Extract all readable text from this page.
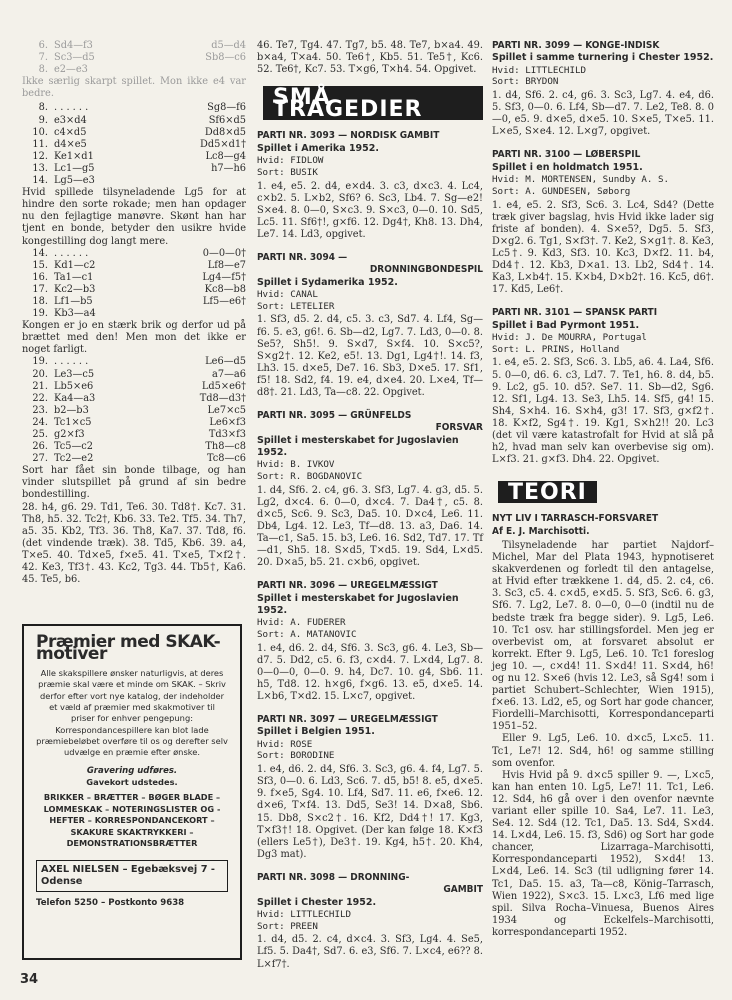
6. Sd4—f3	d5—d4
7. Sc3—d5	Sb8—c6
8. e2—e3

Ikke særlig skarpt spillet. Mon ikke e4 var bedre.

8. . . . . . .	Sg8—f6
9. e3×d4	Sf6×d5
10. c4×d5	Dd8×d5
11. d4×e5	Dd5×d1†
12. Ke1×d1	Lc8—g4
13. Lc1—g5	h7—h6
14. Lg5—e3

Hvid spillede tilsyneladende Lg5 for at hindre den sorte rokade; men han opdager nu den fejlagtige manøvre. Skønt han har tjent en bonde, betyder den usikre hvide kongestilling dog langt mere.

14. . . . . . .	0—0—0†
15. Kd1—c2	Lf8—e7
16. Ta1—c1	Lg4—f5†
17. Kc2—b3	Kc8—b8
18. Lf1—b5	Lf5—e6†
19. Kb3—a4

Kongen er jo en stærk brik og derfor ud på brættet med den! Men mon det ikke er noget farligt.

19. . . . . . .	Le6—d5
20. Le3—c5	a7—a6
21. Lb5×e6	Ld5×e6†
22. Ka4—a3	Td8—d3†
23. b2—b3	Le7×c5
24. Tc1×c5	Le6×f3
25. g2×f3	Td3×f3
26. Tc5—c2	Th8—c8
27. Tc2—e2	Tc8—c6

Sort har fået sin bonde tilbage, og han vinder slutspillet på grund af sin bedre bondestilling.

28. h4, g6. 29. Td1, Te6. 30. Td8†. Kc7. 31. Th8, h5. 32. Tc2†, Kb6. 33. Te2. Tf5. 34. Th7, a5. 35. Kb2, Tf3. 36. Th8, Ka7. 37. Td8, f6. (det vindende træk). 38. Td5, Kb6. 39. a4, T×e5. 40. Td×e5, f×e5. 41. T×e5, T×f2†. 42. Ke3, Tf3†. 43. Kc2, Tg3. 44. Tb5†, Ka6. 45. Te5, b6.

Præmier med SKAK-motiver
Alle skakspillere ønsker naturligvis, at deres præmie skal være et minde om SKAK. – Skriv derfor efter vort nye katalog, der indeholder et væld af præmier med skakmotiver til priser for enhver pengepung: Korrespondancespillere kan blot lade præmiebeløbet overføre til os og derefter selv udvælge en præmie efter ønske.
Gravering udføres.
Gavekort udstedes.
BRIKKER – BRÆTTER – BØGER BLADE – LOMMESKAK – NOTERINGSLISTER OG -HEFTER – KORRESPONDANCEKORT – SKAKURE SKAKTRYKKERI – DEMONSTRATIONSBRÆTTER
AXEL NIELSEN – Egebæksvej 7 - Odense
Telefon 5250 – Postkonto 9638

46. Te7, Tg4. 47. Tg7, b5. 48. Te7, b×a4. 49. b×a4, T×a4. 50. Te6†, Kb5. 51. Te5†, Kc6. 52. Te6†, Kc7. 53. T×g6, T×h4. 54. Opgivet.

SMÅ TRAGEDIER
PARTI NR. 3093 — NORDISK GAMBIT
Spillet i Amerika 1952.
Hvid: FIDLOW
Sort: BUSIK

1. e4, e5. 2. d4, e×d4. 3. c3, d×c3. 4. Lc4, c×b2. 5. L×b2, Sf6? 6. Sc3, Lb4. 7. Sg—e2! S×e4. 8. 0—0, S×c3. 9. S×c3, 0—0. 10. Sd5, Lc5. 11. Sf6†!, g×f6. 12. Dg4†, Kh8. 13. Dh4, Le7. 14. Ld3, opgivet.

PARTI NR. 3094 —
DRONNINGBONDESPIL
Spillet i Sydamerika 1952.
Hvid: CANAL
Sort: LETELIER

1. Sf3, d5. 2. d4, c5. 3. c3, Sd7. 4. Lf4, Sg—f6. 5. e3, g6!. 6. Sb—d2, Lg7. 7. Ld3, 0—0. 8. Se5?, Sh5!. 9. S×d7, S×f4. 10. S×c5?, S×g2†. 12. Ke2, e5!. 13. Dg1, Lg4†!. 14. f3, Lh3. 15. d×e5, De7. 16. Sb3, D×e5. 17. Sf1, f5! 18. Sd2, f4. 19. e4, d×e4. 20. L×e4, Tf—d8†. 21. Ld3, Ta—c8. 22. Opgivet.

PARTI NR. 3095 — GRÜNFELDS
FORSVAR
Spillet i mesterskabet for Jugoslavien 1952.
Hvid: B. IVKOV
Sort: R. BOGDANOVIC

1. d4, Sf6. 2. c4, g6. 3. Sf3, Lg7. 4. g3, d5. 5. Lg2, d×c4. 6. 0—0, d×c4. 7. Da4†, c5. 8. d×c5, Sc6. 9. Sc3, Da5. 10. D×c4, Le6. 11. Db4, Lg4. 12. Le3, Tf—d8. 13. a3, Da6. 14. Ta—c1, Sa5. 15. b3, Le6. 16. Sd2, Td7. 17. Tf—d1, Sh5. 18. S×d5, T×d5. 19. Sd4, L×d5. 20. D×a5, b5. 21. c×b6, opgivet.

PARTI NR. 3096 — UREGELMÆSSIGT
Spillet i mesterskabet for Jugoslavien 1952.
Hvid: A. FUDERER
Sort: A. MATANOVIC

1. e4, d6. 2. d4, Sf6. 3. Sc3, g6. 4. Le3, Sb—d7. 5. Dd2, c5. 6. f3, c×d4. 7. L×d4, Lg7. 8. 0—0—0, 0—0. 9. h4, Dc7. 10. g4, Sb6. 11. h5, Td8. 12. h×g6, f×g6. 13. e5, d×e5. 14. L×b6, T×d2. 15. L×c7, opgivet.

PARTI NR. 3097 — UREGELMÆSSIGT
Spillet i Belgien 1951.
Hvid: ROSE
Sort: BORODINE

1. e4, d6. 2. d4, Sf6. 3. Sc3, g6. 4. f4, Lg7. 5. Sf3, 0—0. 6. Ld3, Sc6. 7. d5, b5! 8. e5, d×e5. 9. f×e5, Sg4. 10. Lf4, Sd7. 11. e6, f×e6. 12. d×e6, T×f4. 13. Dd5, Se3! 14. D×a8, Sb6. 15. Db8, S×c2†. 16. Kf2, Dd4†! 17. Kg3, T×f3†! 18. Opgivet. (Der kan følge 18. K×f3 (ellers Le5†), De3†. 19. Kg4, h5†. 20. Kh4, Dg3 mat).

PARTI NR. 3098 — DRONNING-
GAMBIT
Spillet i Chester 1952.
Hvid: LITTLECHILD
Sort: PREEN

1. d4, d5. 2. c4, d×c4. 3. Sf3, Lg4. 4. Se5, Lf5. 5. Da4†, Sd7. 6. e3, Sf6. 7. L×c4, e6?? 8. L×f7†.

PARTI NR. 3099 — KONGE-INDISK
Spillet i samme turnering i Chester 1952.
Hvid: LITTLECHILD
Sort: BRYDON

1. d4, Sf6. 2. c4, g6. 3. Sc3, Lg7. 4. e4, d6. 5. Sf3, 0—0. 6. Lf4, Sb—d7. 7. Le2, Te8. 8. 0—0, e5. 9. d×e5, d×e5. 10. S×e5, T×e5. 11. L×e5, S×e4. 12. L×g7, opgivet.

PARTI NR. 3100 — LØBERSPIL
Spillet i en holdmatch 1951.
Hvid: M. MORTENSEN, Sundby A. S.
Sort: A. GUNDESEN, Søborg

1. e4, e5. 2. Sf3, Sc6. 3. Lc4, Sd4? (Dette træk giver bagslag, hvis Hvid ikke lader sig friste af bonden). 4. S×e5?, Dg5. 5. Sf3, D×g2. 6. Tg1, S×f3†. 7. Ke2, S×g1†. 8. Ke3, Lc5†. 9. Kd3, Sf3. 10. Kc3, D×f2. 11. b4, Dd4†. 12. Kb3, D×a1. 13. Lb2, Sd4†. 14. Ka3, L×b4†. 15. K×b4, D×b2†. 16. Kc5, d6†. 17. Kd5, Le6†.

PARTI NR. 3101 — SPANSK PARTI
Spillet i Bad Pyrmont 1951.
Hvid: J. De MOURRA, Portugal
Sort: L. PRINS, Holland

1. e4, e5. 2. Sf3, Sc6. 3. Lb5, a6. 4. La4, Sf6. 5. 0—0, d6. 6. c3, Ld7. 7. Te1, h6. 8. d4, b5. 9. Lc2, g5. 10. d5?. Se7. 11. Sb—d2, Sg6. 12. Sf1, Lg4. 13. Se3, Lh5. 14. Sf5, g4! 15. Sh4, S×h4. 16. S×h4, g3! 17. Sf3, g×f2†. 18. K×f2, Sg4†. 19. Kg1, S×h2!! 20. Lc3 (det vil være katastrofalt for Hvid at slå på h2, hvad man selv kan overbevise sig om). L×f3. 21. g×f3. Dh4. 22. Opgivet.

TEORI
NYT LIV I TARRASCH-FORSVARET
Af E. J. Marchisotti.

Tilsyneladende har partiet Najdorf–Michel, Mar del Plata 1943, hypnotiseret skakverdenen og forledt til den antagelse, at Hvid efter trækkene 1. d4, d5. 2. c4, c6. 3. Sc3, c5. 4. c×d5, e×d5. 5. Sf3, Sc6. 6. g3, Sf6. 7. Lg2, Le7. 8. 0—0, 0—0 (indtil nu de bedste træk fra begge sider). 9. Lg5, Le6. 10. Tc1 osv. har stillingsfordel. Men jeg er overbevist om, at forsvaret absolut er korrekt. Efter 9. Lg5, Le6. 10. Tc1 foreslog jeg 10. —, c×d4! 11. S×d4! 11. S×d4, h6! og nu 12. S×e6 (hvis 12. Le3, så Sg4! som i partiet Schubert–Schlechter, Wien 1915), f×e6. 13. Ld2, e5, og Sort har gode chancer, Fiordelli–Marchisotti, Korrespondanceparti 1951–52.

Eller 9. Lg5, Le6. 10. d×c5, L×c5. 11. Tc1, Le7! 12. Sd4, h6! og samme stilling som ovenfor.

Hvis Hvid på 9. d×c5 spiller 9. —, L×c5, kan han enten 10. Lg5, Le7! 11. Tc1, Le6. 12. Sd4, h6 gå over i den ovenfor nævnte variant eller spille 10. Sa4, Le7. 11. Le3, Se4. 12. Sd4 (12. Tc1, Da5. 13. Sd4, S×d4. 14. L×d4, Le6. 15. f3, Sd6) og Sort har gode chancer, Lizarraga–Marchisotti, Korrespondanceparti 1952), S×d4! 13. L×d4, Le6. 14. Sc3 (til udligning fører 14. Tc1, Da5. 15. a3, Ta—c8, König–Tarrasch, Wien 1922), S×c3. 15. L×c3, Lf6 med lige spil. Silva Rocha–Vinuesa, Buenos Aires 1934 og Eckelfels–Marchisotti, korrespondanceparti 1952.

34
